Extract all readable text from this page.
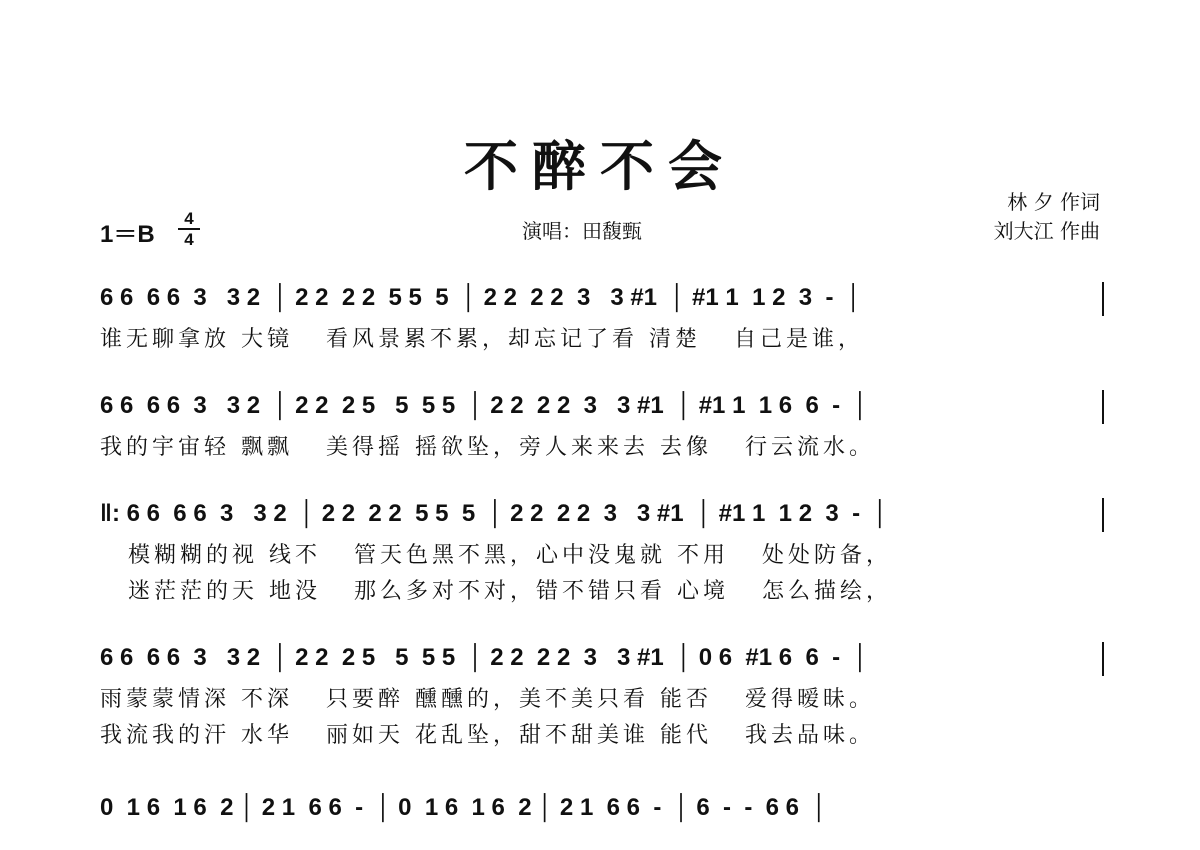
不醉不会
1＝B
4
4	演唱：田馥甄
林 夕 作词
刘大江 作曲
6 6  6 6  3   3 2  │ 2 2  2 2  5 5  5  │ 2 2  2 2  3   3 #1  │ #1 1  1 2  3  -  │
谁无聊拿放 大镜   看风景累不累，却忘记了看 清楚   自己是谁，
6 6  6 6  3   3 2  │ 2 2  2 5   5  5 5  │ 2 2  2 2  3   3 #1  │ #1 1  1 6  6  -  │
我的宇宙轻 飘飘   美得摇 摇欲坠，旁人来来去 去像   行云流水。
‖: 6 6  6 6  3   3 2  │ 2 2  2 2  5 5  5  │ 2 2  2 2  3   3 #1  │ #1 1  1 2  3  -  │
模糊糊的视 线不   管天色黑不黑，心中没鬼就 不用   处处防备，
迷茫茫的天 地没   那么多对不对，错不错只看 心境   怎么描绘，
6 6  6 6  3   3 2  │ 2 2  2 5   5  5 5  │ 2 2  2 2  3   3 #1  │ 0 6  #1 6  6  -  │
雨蒙蒙情深 不深   只要醉 醺醺的，美不美只看 能否   爱得暧昧。
我流我的汗 水华   丽如天 花乱坠，甜不甜美谁 能代   我去品味。
0  1 6  1 6  2 │ 2 1  6 6  -  │ 0  1 6  1 6  2 │ 2 1  6 6  -  │ 6  -  -  6 6  │
